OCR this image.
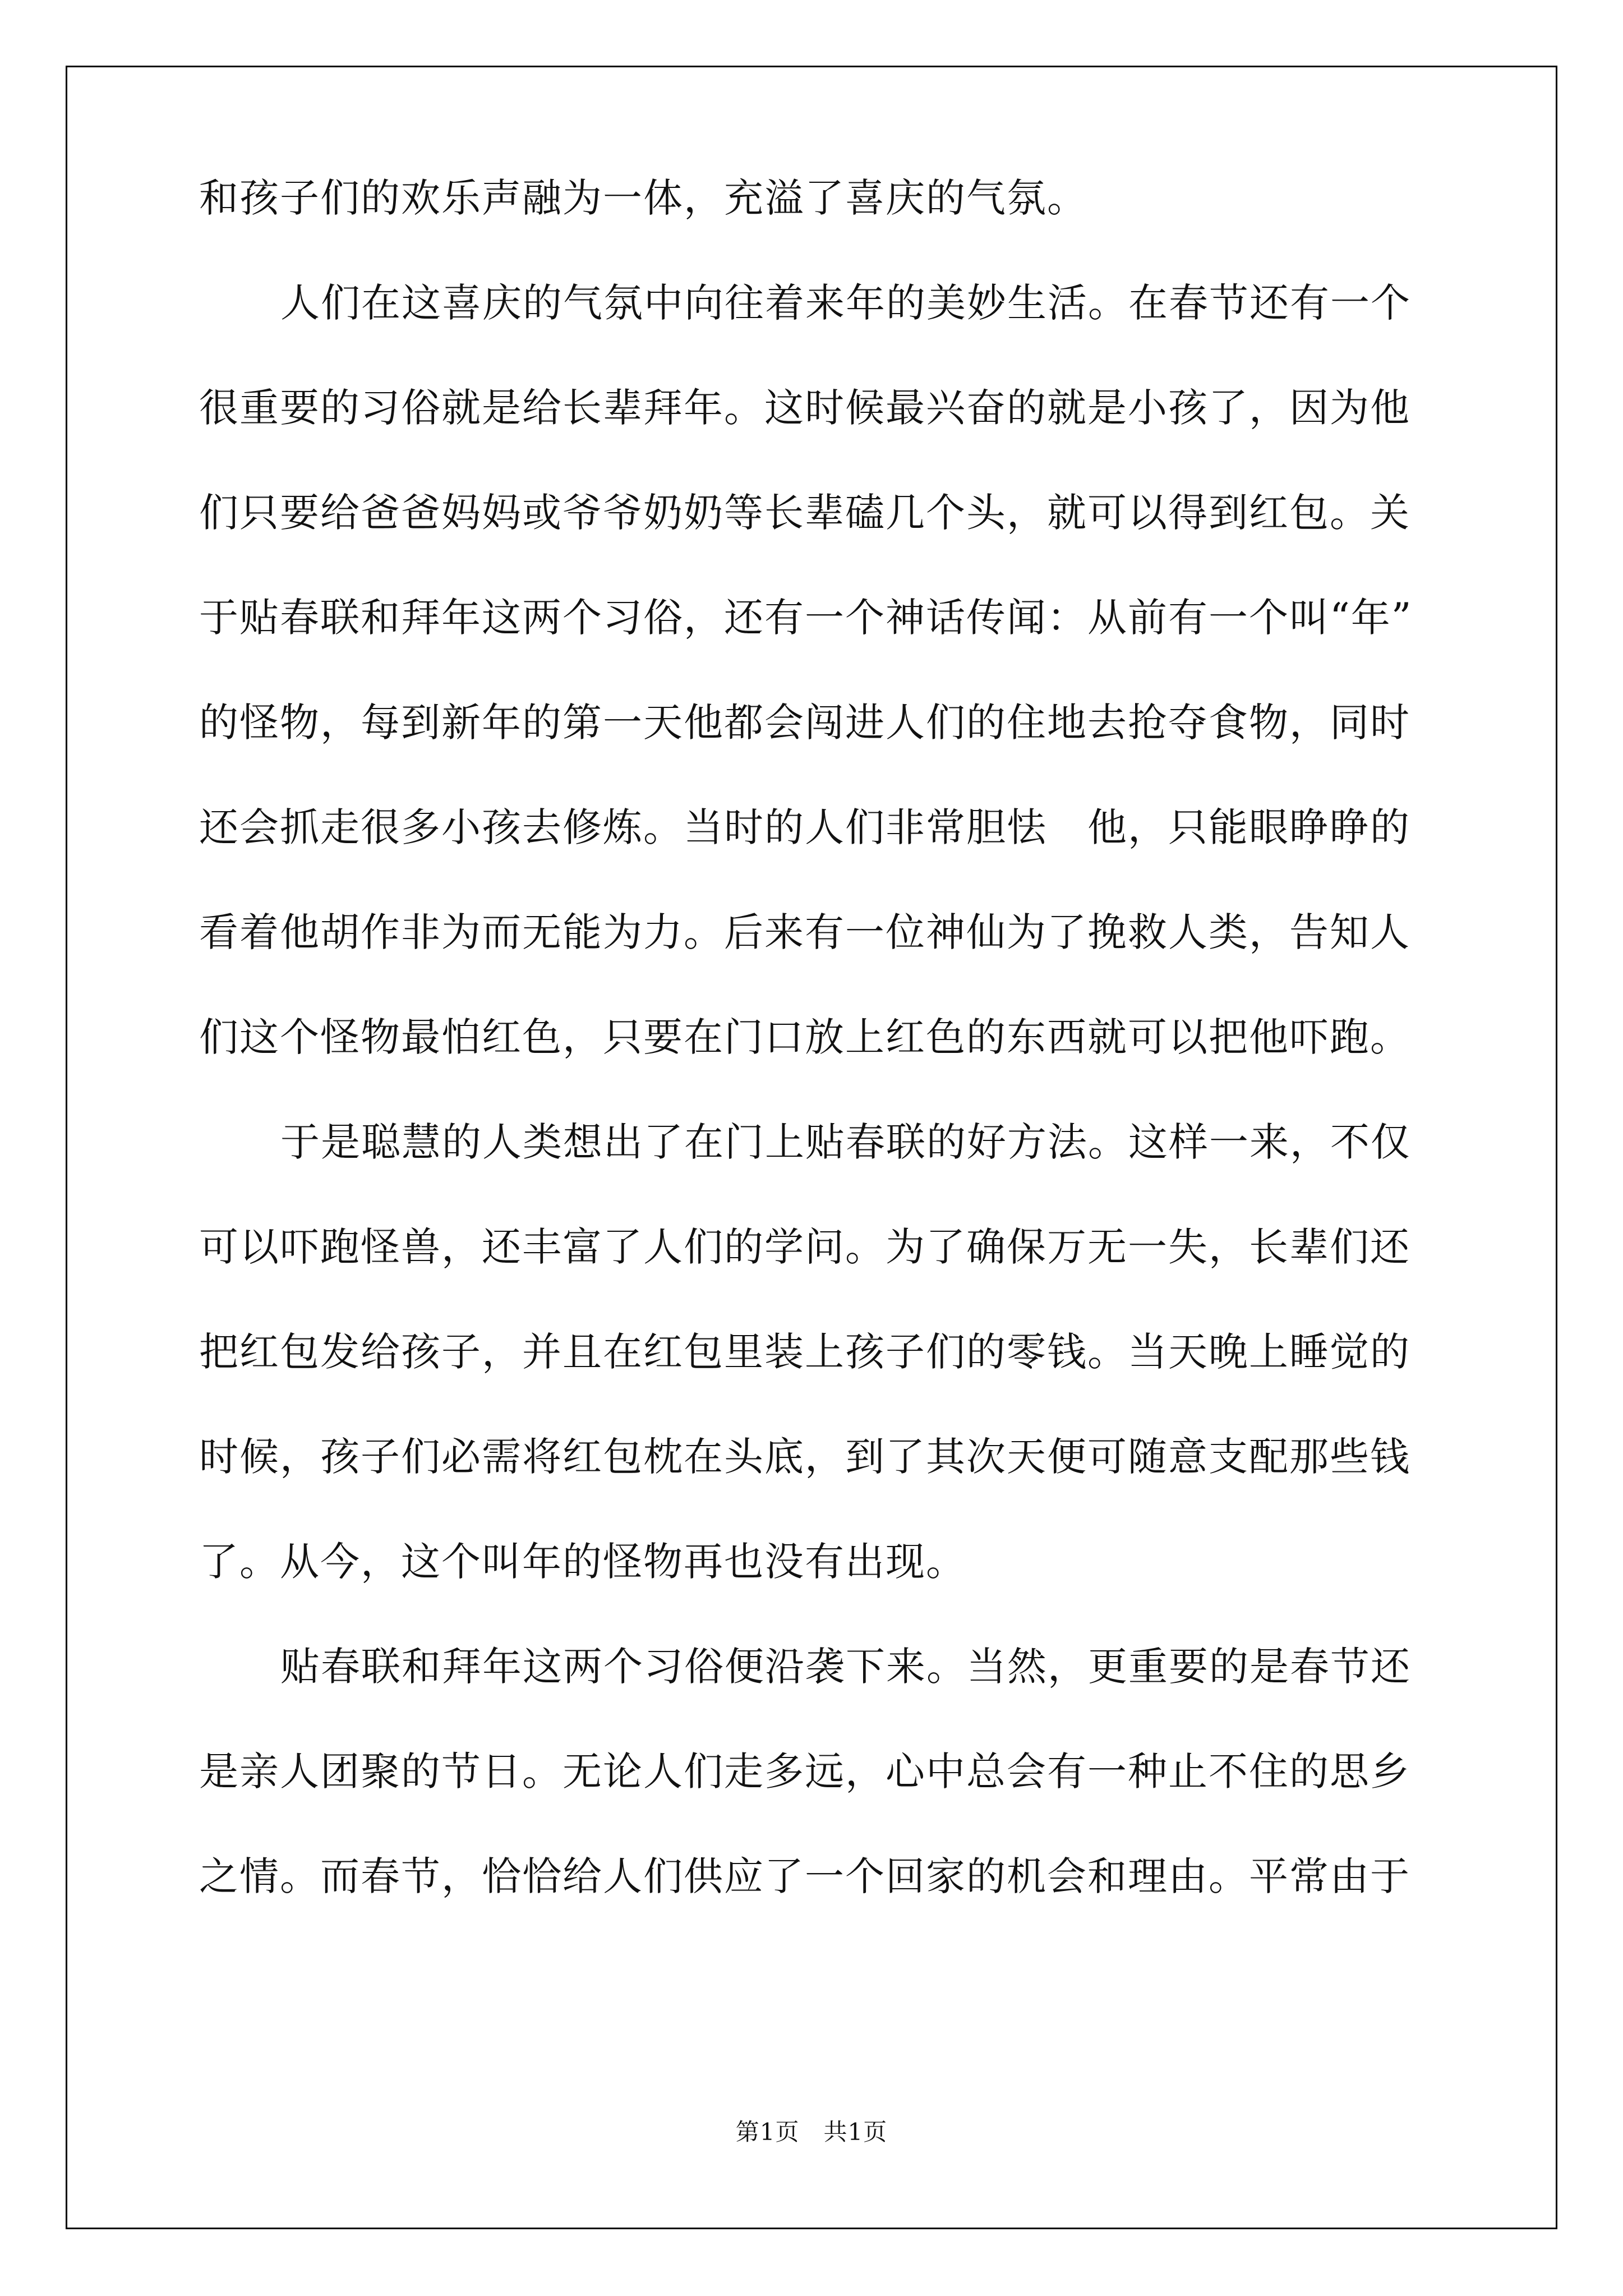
和孩子们的欢乐声融为一体，充溢了喜庆的气氛。
人们在这喜庆的气氛中向往着来年的美妙生活。在春节还有一个
很重要的习俗就是给长辈拜年。这时候最兴奋的就是小孩了，因为他
们只要给爸爸妈妈或爷爷奶奶等长辈磕几个头，就可以得到红包。关
于贴春联和拜年这两个习俗，还有一个神话传闻：从前有一个叫“年”
的怪物，每到新年的第一天他都会闯进人们的住地去抢夺食物，同时
还会抓走很多小孩去修炼。当时的人们非常胆怯　他，只能眼睁睁的
看着他胡作非为而无能为力。后来有一位神仙为了挽救人类，告知人
们这个怪物最怕红色，只要在门口放上红色的东西就可以把他吓跑。
于是聪慧的人类想出了在门上贴春联的好方法。这样一来，不仅
可以吓跑怪兽，还丰富了人们的学问。为了确保万无一失，长辈们还
把红包发给孩子，并且在红包里装上孩子们的零钱。当天晚上睡觉的
时候，孩子们必需将红包枕在头底，到了其次天便可随意支配那些钱
了。从今，这个叫年的怪物再也没有出现。
贴春联和拜年这两个习俗便沿袭下来。当然，更重要的是春节还
是亲人团聚的节日。无论人们走多远，心中总会有一种止不住的思乡
之情。而春节，恰恰给人们供应了一个回家的机会和理由。平常由于
第1页　共1页
